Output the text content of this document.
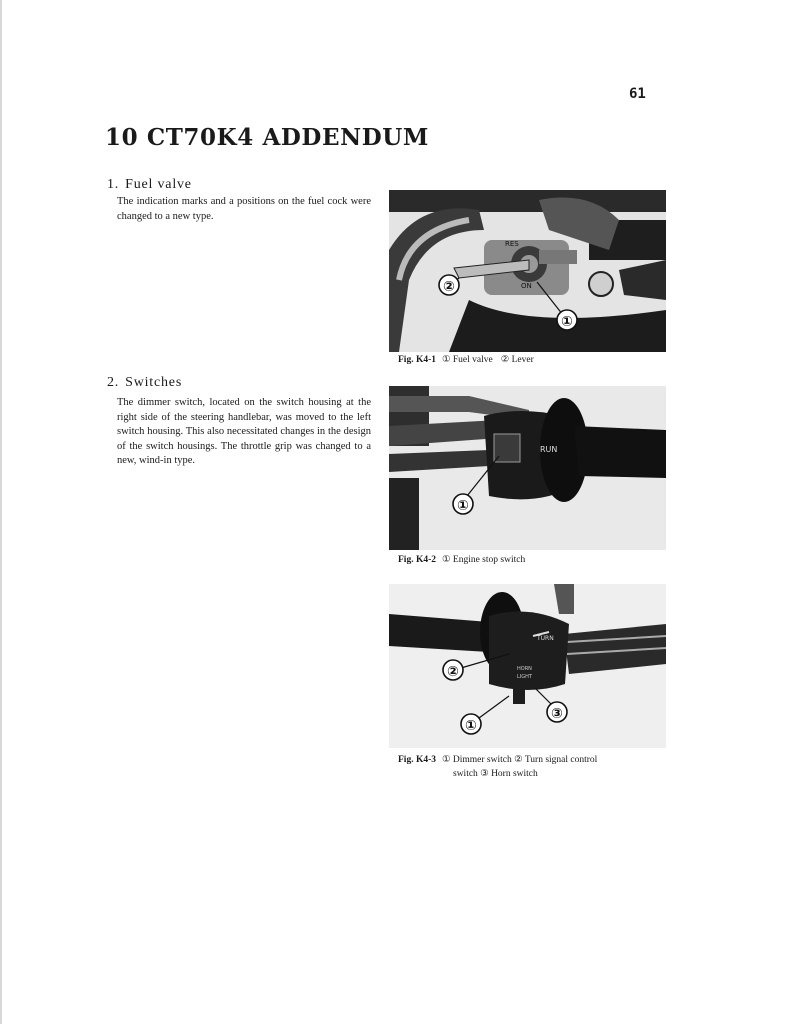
61
10 CT70K4 ADDENDUM
1. Fuel valve

The indication marks and a positions on the fuel cock were changed to a new type.

2. Switches

The dimmer switch, located on the switch housing at the right side of the steering handlebar, was moved to the left switch housing. This also necessitated changes in the design of the switch housings. The throttle grip was changed to a new, wind-in type.

RES
ON
①
②
Fig. K4-1 ① Fuel valve ② Lever
RUN
①
Fig. K4-2 ① Engine stop switch
TURN
HORN
LIGHT
②
①
③
Fig. K4-3 ① Dimmer switch ② Turn signal control
switch ③ Horn switch
